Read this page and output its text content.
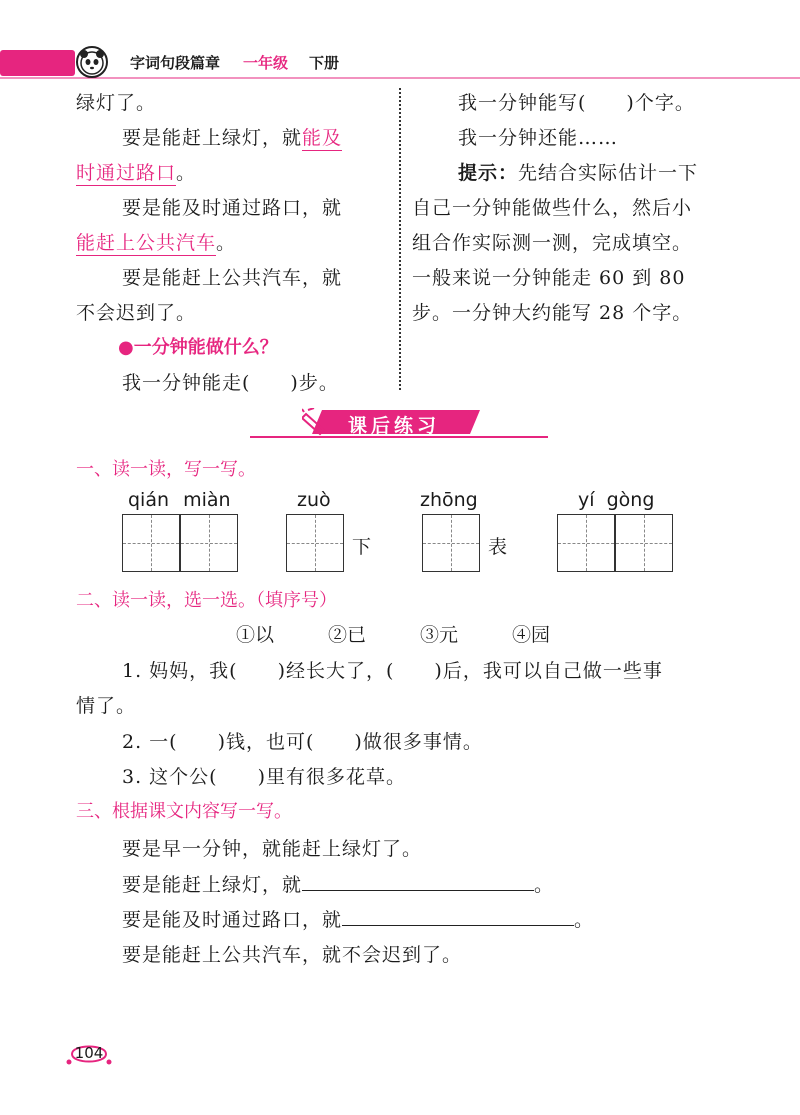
字词句段篇章 一年级 下册
绿灯了。
要是能赶上绿灯，就能及
时通过路口。
要是能及时通过路口，就
能赶上公共汽车。
要是能赶上公共汽车，就
不会迟到了。
●一分钟能做什么？
我一分钟能走(　　)步。
我一分钟能写(　　)个字。
我一分钟还能……
提示：先结合实际估计一下
自己一分钟能做些什么，然后小
组合作实际测一测，完成填空。
一般来说一分钟能走 60 到 80
步。一分钟大约能写 28 个字。
课后练习
一、读一读，写一写。
qián miàn	zuò
下
zhōng
表
yí  gòng
二、读一读，选一选。（填序号）
①以	②已	③元	④园
1. 妈妈，我(　　)经长大了，(　　)后，我可以自己做一些事
情了。
2. 一(　　)钱，也可(　　)做很多事情。
3. 这个公(　　)里有很多花草。
三、根据课文内容写一写。
要是早一分钟，就能赶上绿灯了。
要是能赶上绿灯，就	。
要是能及时通过路口，就	。
要是能赶上公共汽车，就不会迟到了。
104
